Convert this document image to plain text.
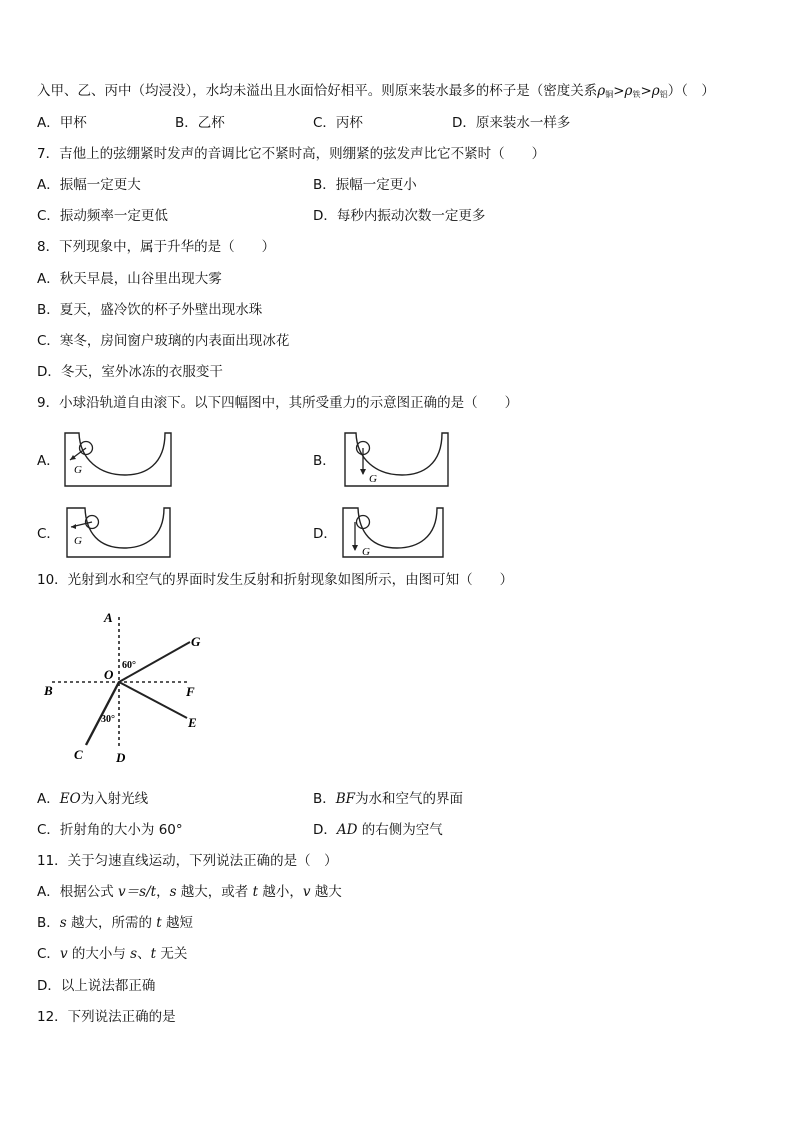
入甲、乙、丙中（均浸没），水均未溢出且水面恰好相平。则原来装水最多的杯子是（密度关系$\rho_铜>\rho_铁>\rho_铝$）（　）
A．甲杯	B．乙杯	C．丙杯	D．原来装水一样多
7．吉他上的弦绷紧时发声的音调比它不紧时高，则绷紧的弦发声比它不紧时（　　）
A．振幅一定更大	B．振幅一定更小
C．振动频率一定更低	D．每秒内振动次数一定更多
8．下列现象中，属于升华的是（　　）
A．秋天早晨，山谷里出现大雾
B．夏天，盛冷饮的杯子外壁出现水珠
C．寒冬，房间窗户玻璃的内表面出现冰花
D．冬天，室外冰冻的衣服变干
9．小球沿轨道自由滚下。以下四幅图中，其所受重力的示意图正确的是（　　）
A．
G
B．
G
C． G	D．
G
10．光射到水和空气的界面时发生反射和折射现象如图所示，由图可知（　　）
A
G
O
60°
B	F
30°	E
C	D
A．EO为入射光线	B．BF为水和空气的界面
C．折射角的大小为 60°	D．AD 的右侧为空气
11．关于匀速直线运动，下列说法正确的是（　）
A．根据公式 v＝s/t，s 越大，或者 t 越小，v 越大
B．s 越大，所需的 t 越短
C．v 的大小与 s、t 无关
D．以上说法都正确
12．下列说法正确的是
